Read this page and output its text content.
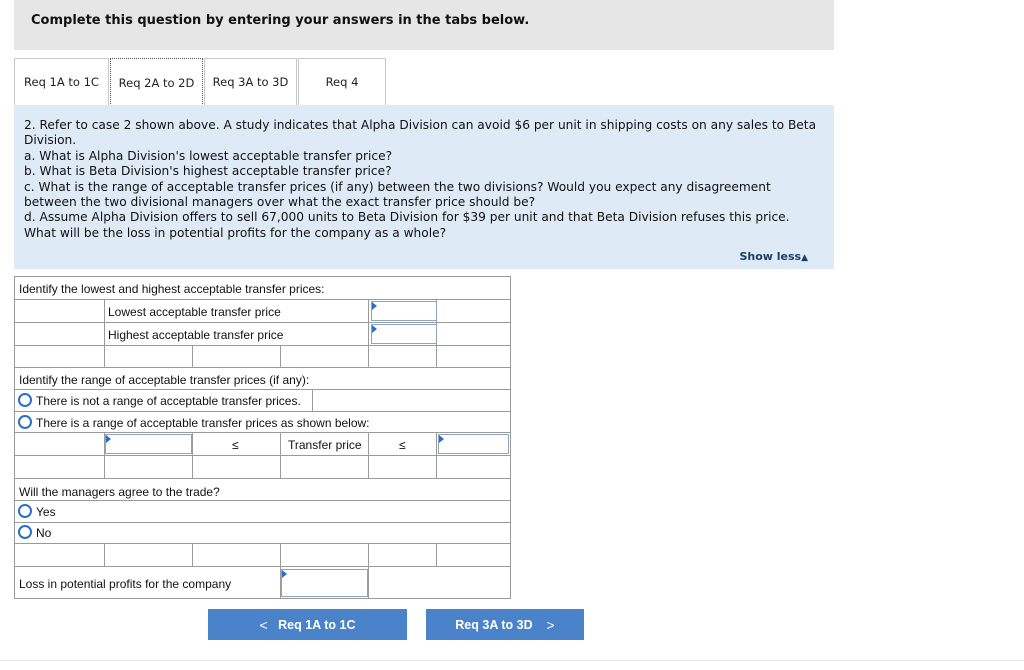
Complete this question by entering your answers in the tabs below.
Req 1A to 1C Req 2A to 2D Req 3A to 3D	Req 4
2. Refer to case 2 shown above. A study indicates that Alpha Division can avoid $6 per unit in shipping costs on any sales to Beta Division.
a. What is Alpha Division's lowest acceptable transfer price?
b. What is Beta Division's highest acceptable transfer price?
c. What is the range of acceptable transfer prices (if any) between the two divisions? Would you expect any disagreement between the two divisional managers over what the exact transfer price should be?
d. Assume Alpha Division offers to sell 67,000 units to Beta Division for $39 per unit and that Beta Division refuses this price. What will be the loss in potential profits for the company as a whole?
Show less▲
Identify the lowest and highest acceptable transfer prices:
Lowest acceptable transfer price
Highest acceptable transfer price
Identify the range of acceptable transfer prices (if any):
There is not a range of acceptable transfer prices.
There is a range of acceptable transfer prices as shown below:
≤	Transfer price	≤
Will the managers agree to the trade?
Yes
No
Loss in potential profits for the company
<
Req 1A to 1C	Req 3A to 3D
>
